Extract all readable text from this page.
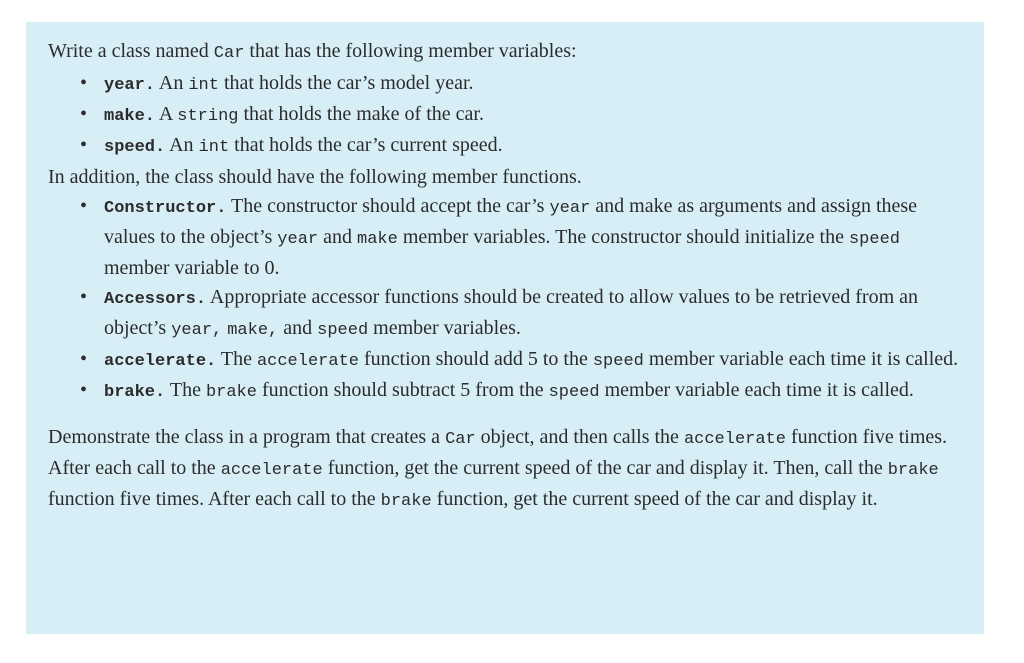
Write a class named Car that has the following member variables:

• year. An int that holds the car’s model year.
• make. A string that holds the make of the car.
• speed. An int that holds the car’s current speed.

In addition, the class should have the following member functions.

• Constructor. The constructor should accept the car’s year and make as arguments and assign these values to the object’s year and make member variables. The constructor should initialize the speed member variable to 0.
• Accessors. Appropriate accessor functions should be created to allow values to be retrieved from an object’s year, make, and speed member variables.
• accelerate. The accelerate function should add 5 to the speed member variable each time it is called.
• brake. The brake function should subtract 5 from the speed member variable each time it is called.

Demonstrate the class in a program that creates a Car object, and then calls the accelerate function five times. After each call to the accelerate function, get the current speed of the car and display it. Then, call the brake function five times. After each call to the brake function, get the current speed of the car and display it.
